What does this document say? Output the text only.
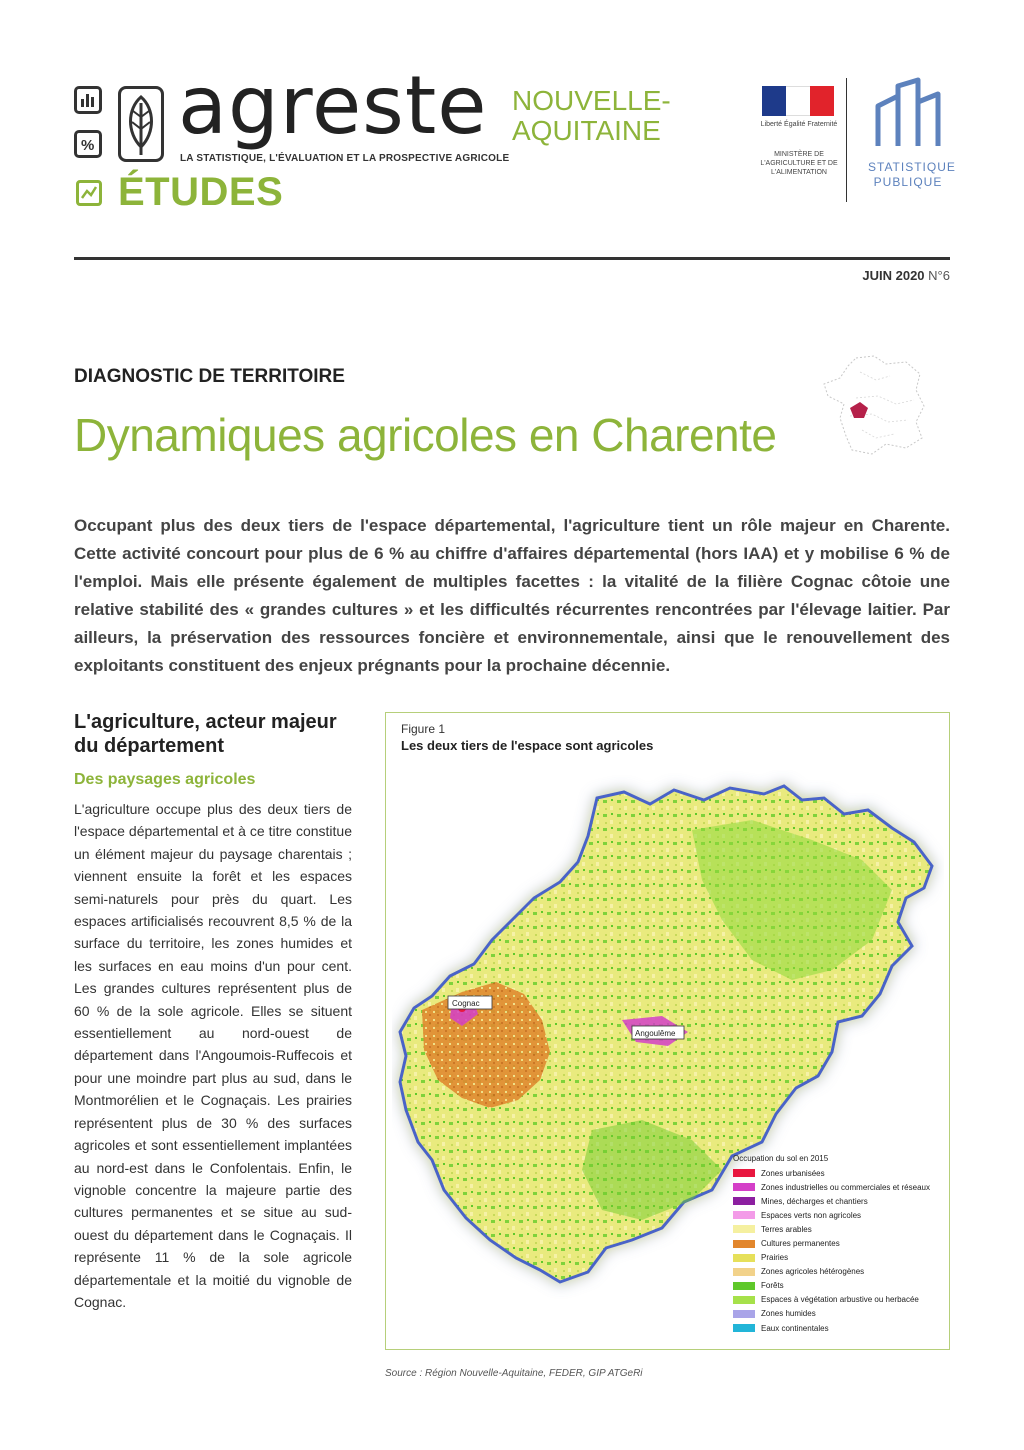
% agreste
LA STATISTIQUE, L'ÉVALUATION ET LA PROSPECTIVE AGRICOLE
ÉTUDES
NOUVELLE-
AQUITAINE	Liberté Égalité Fraternité
MINISTÈRE DE L'AGRICULTURE ET DE L'ALIMENTATION	STATISTIQUE
PUBLIQUE
JUIN 2020 N°6
DIAGNOSTIC DE TERRITOIRE
Dynamiques agricoles en Charente
Occupant plus des deux tiers de l'espace départemental, l'agriculture tient un rôle majeur en Charente. Cette activité concourt pour plus de 6 % au chiffre d'affaires départemental (hors IAA) et y mobilise 6 % de l'emploi. Mais elle présente également de multiples facettes : la vitalité de la filière Cognac côtoie une relative stabilité des « grandes cultures » et les difficultés récurrentes rencontrées par l'élevage laitier. Par ailleurs, la préservation des ressources foncière et environnementale, ainsi que le renouvellement des exploitants constituent des enjeux prégnants pour la prochaine décennie.
L'agriculture, acteur majeur du département
Des paysages agricoles
L'agriculture occupe plus des deux tiers de l'espace départemental et à ce titre constitue un élément majeur du paysage charentais ; viennent ensuite la forêt et les espaces semi-naturels pour près du quart. Les espaces artificialisés recouvrent 8,5 % de la surface du territoire, les zones humides et les surfaces en eau moins d'un pour cent. Les grandes cultures représentent plus de 60 % de la sole agricole. Elles se situent essentiellement au nord-ouest de département dans l'Angoumois-Ruffecois et pour une moindre part plus au sud, dans le Montmorélien et le Cognaçais. Les prairies représentent plus de 30 % des surfaces agricoles et sont essentiellement implantées au nord-est dans le Confolentais. Enfin, le vignoble concentre la majeure partie des cultures permanentes et se situe au sud-ouest du département dans le Cognaçais. Il représente 11 % de la sole agricole départementale et la moitié du vignoble de Cognac.
Figure 1
Les deux tiers de l'espace sont agricoles
Cognac
Angoulême
Occupation du sol en 2015
Zones urbanisées
Zones industrielles ou commerciales et réseaux
Mines, décharges et chantiers
Espaces verts non agricoles
Terres arables
Cultures permanentes
Prairies
Zones agricoles hétérogènes
Forêts
Espaces à végétation arbustive ou herbacée
Zones humides
Eaux continentales
Source : Région Nouvelle-Aquitaine, FEDER, GIP ATGeRi
